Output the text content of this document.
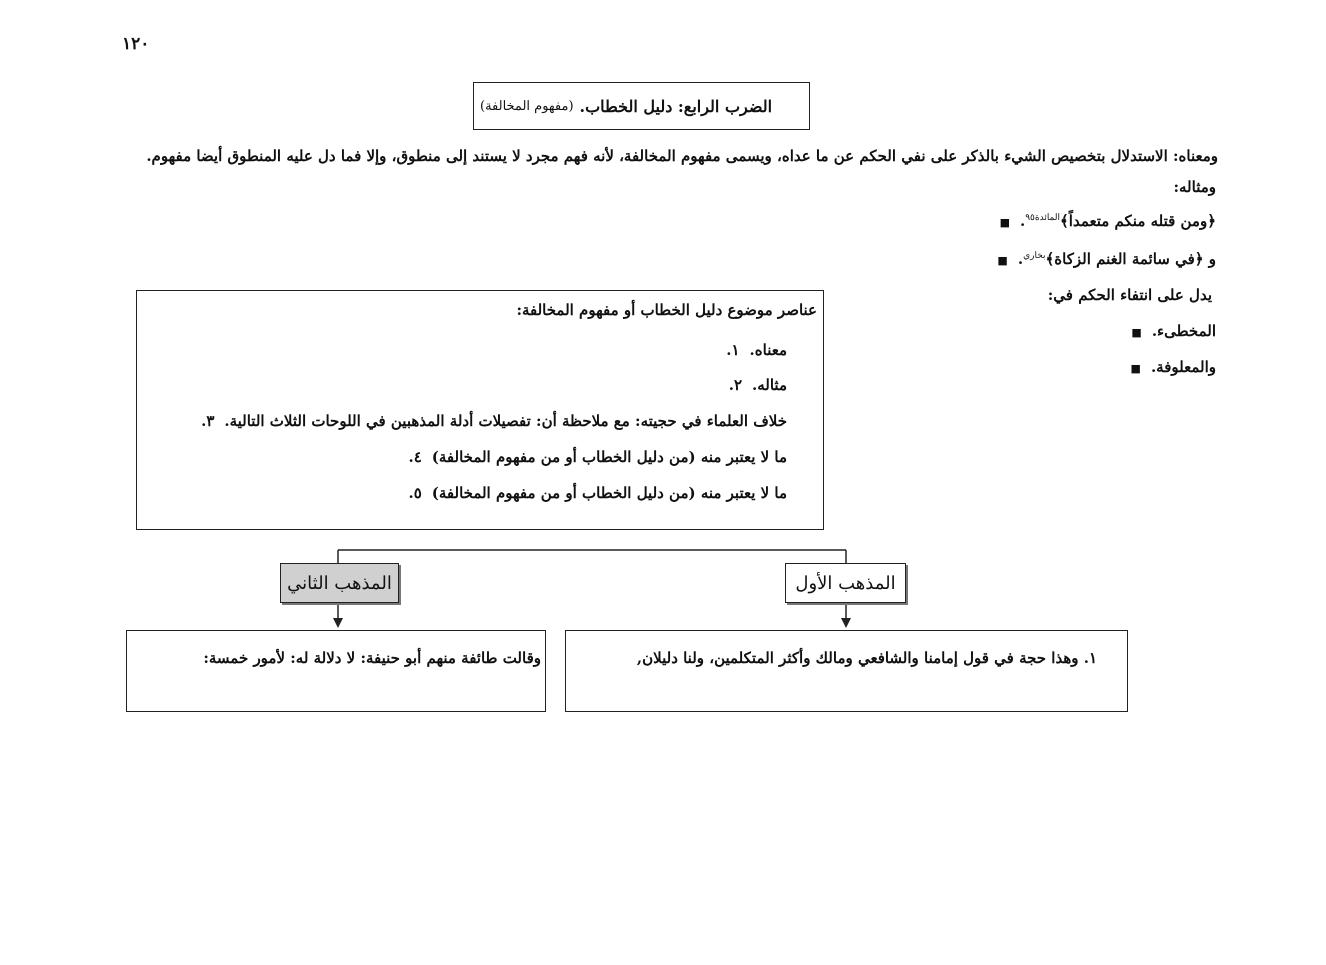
١٢٠
الضرب الرابع: دليل الخطاب.
(مفهوم المخالفة)
ومعناه: الاستدلال بتخصيص الشيء بالذكر على نفي الحكم عن ما عداه، ويسمى مفهوم المخالفة، لأنه فهم مجرد لا يستند إلى منطوق، وإلا فما دل عليه المنطوق أيضا مفهوم.
ومثاله:
■	﴿ومن قتله منكم متعمداً﴾$^{المائدة٩٥}$.
■	و ﴿في سائمة الغنم الزكاة﴾$^{بخاري}$.
يدل على انتفاء الحكم في:
■ المخطىء.
■ والمعلوفة.
عناصر موضوع دليل الخطاب أو مفهوم المخالفة:
١. معناه.
٢. مثاله.
٣. خلاف العلماء في حجيته: مع ملاحظة أن: تفصيلات أدلة المذهبين في اللوحات الثلاث التالية.
٤. ما لا يعتبر منه (من دليل الخطاب أو من مفهوم المخالفة)
٥. ما لا يعتبر منه (من دليل الخطاب أو من مفهوم المخالفة)
المذهب الأول
المذهب الثاني
١. وهذا حجة في قول إمامنا والشافعي ومالك وأكثر المتكلمين، ولنا دليلان,
وقالت طائفة منهم أبو حنيفة: لا دلالة له: لأمور خمسة:
